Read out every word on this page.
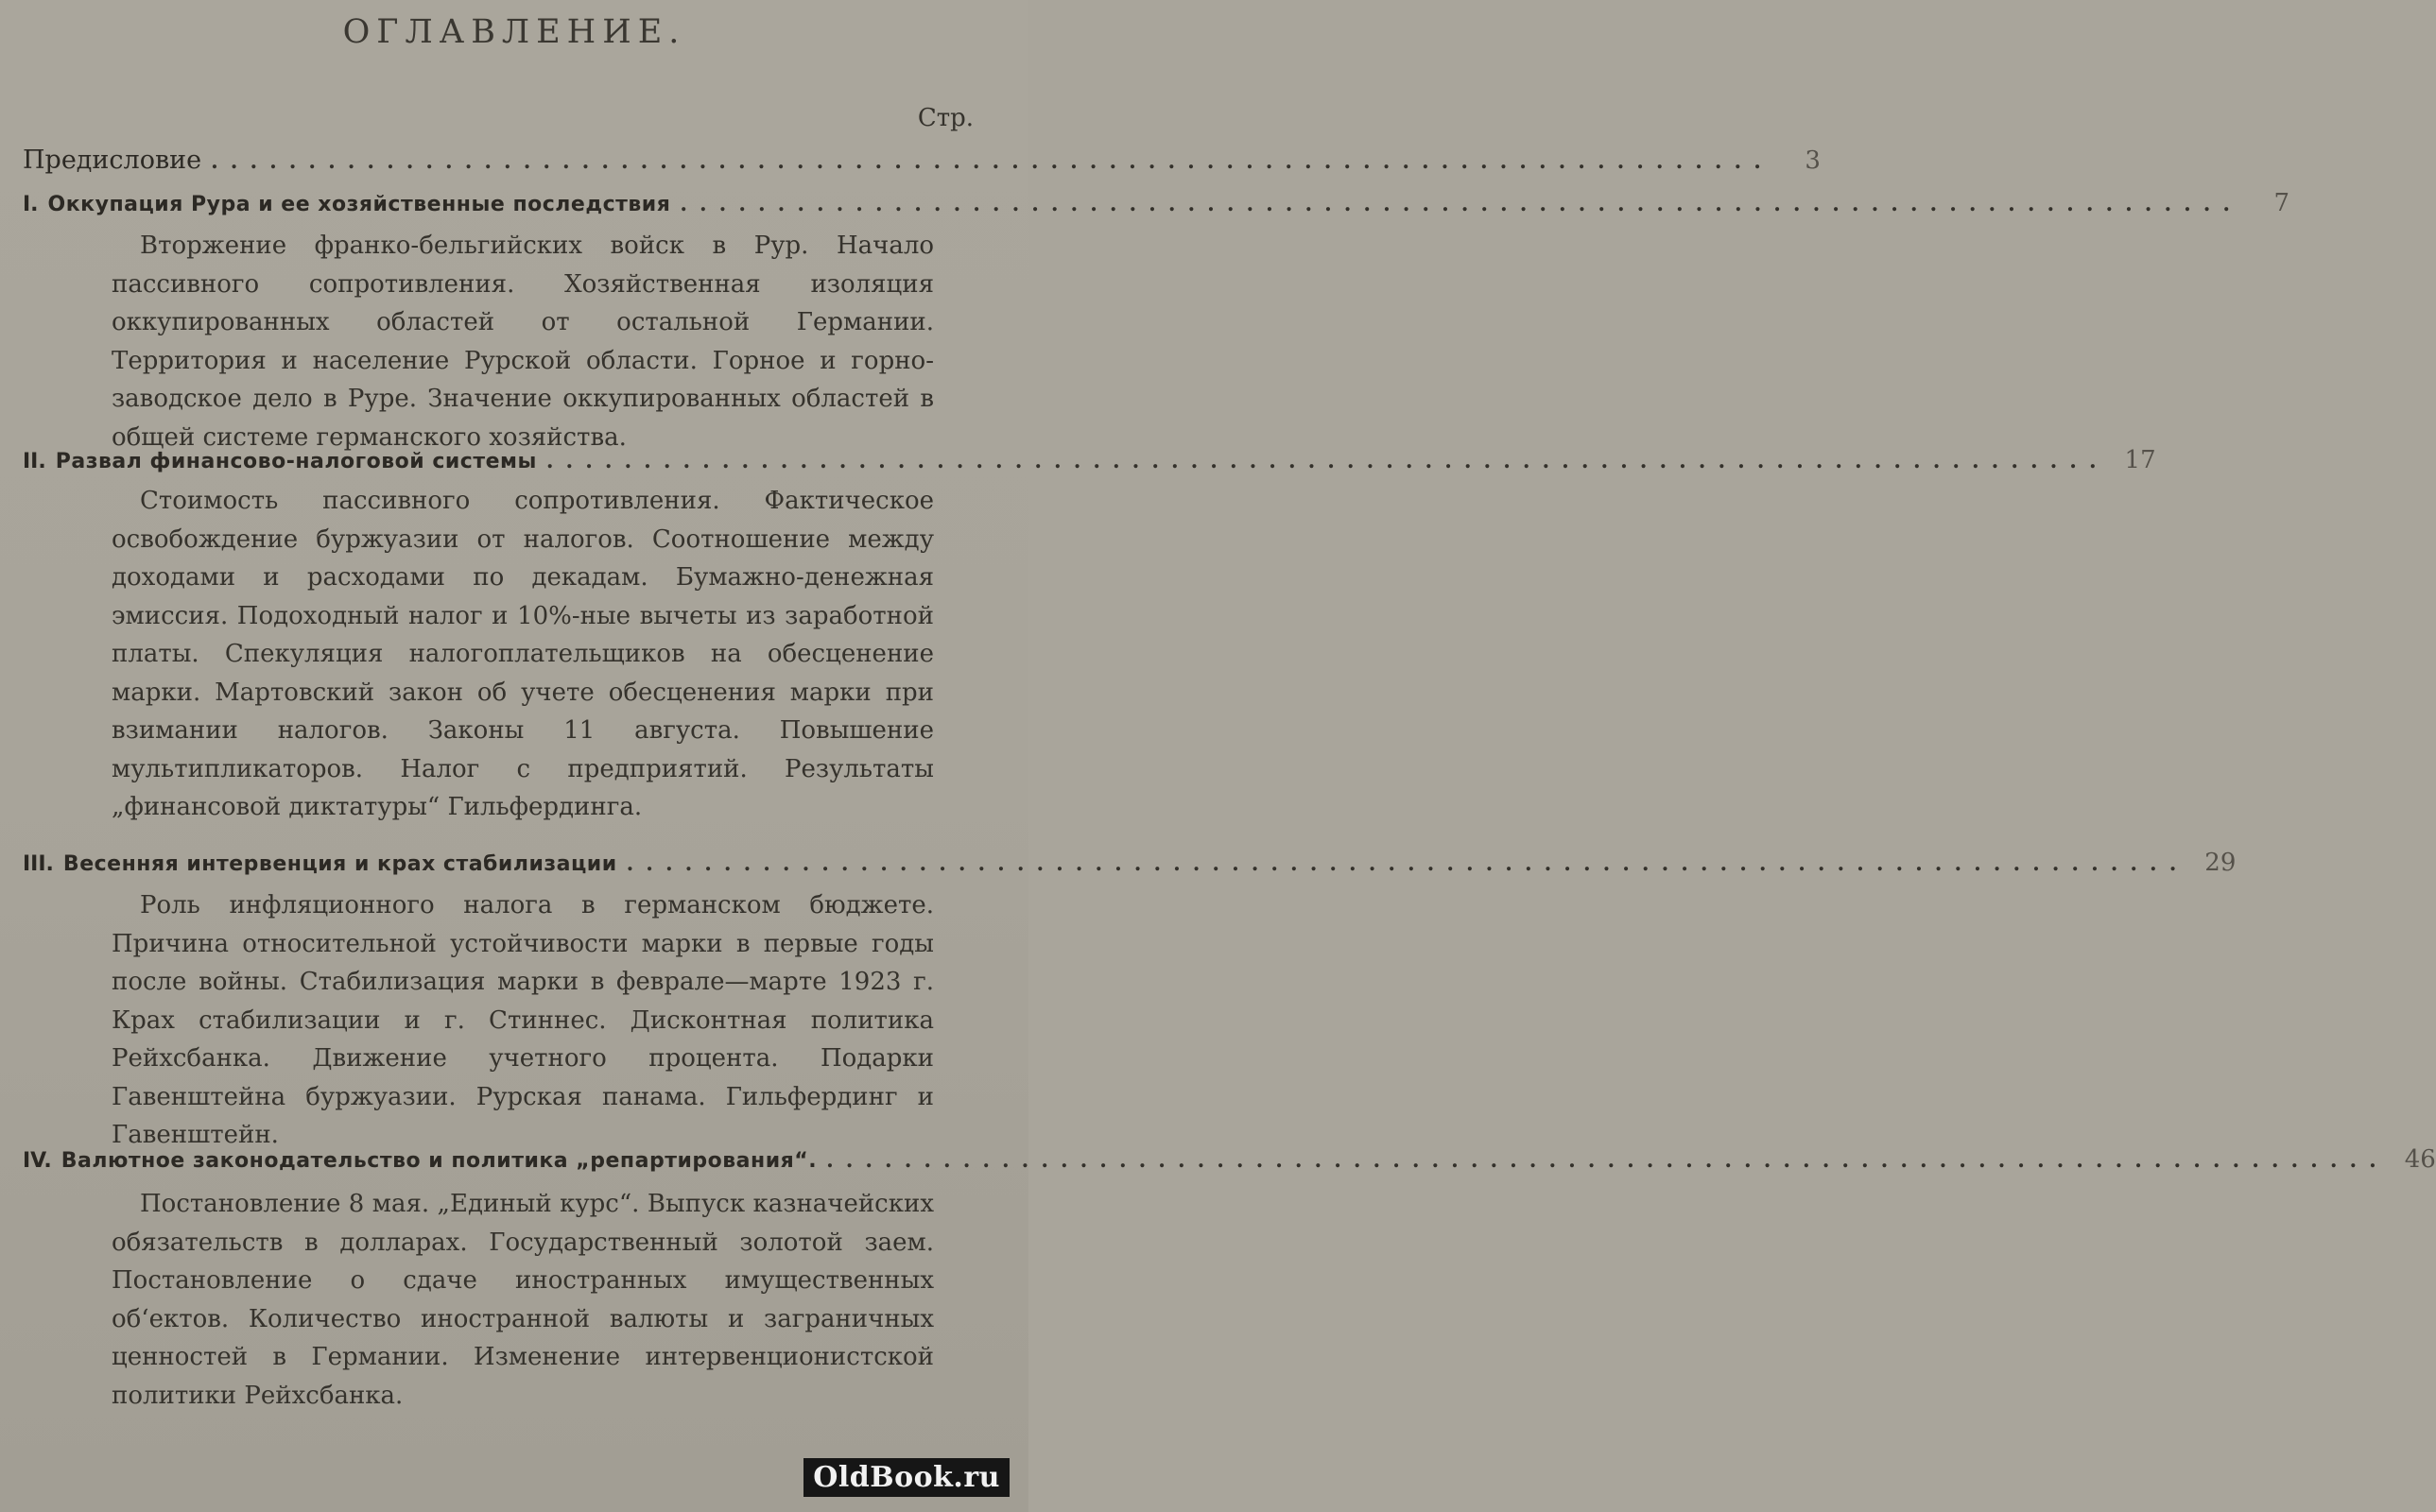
ОГЛАВЛЕНИЕ.
Стр.
Предисловие ................................................................................	3
I. Оккупация Рура и ее хозяйственные последствия ................................................................................	7
Вторжение франко-бельгийских войск в Рур. Начало пассивного сопротивления. Хозяйственная изоляция оккупированных областей от остальной Германии. Территория и население Рурской области. Горное и горно-заводское дело в Руре. Значение оккупированных областей в общей системе германского хозяйства.
II. Развал финансово-налоговой системы ................................................................................ 17
Стоимость пассивного сопротивления. Фактическое освобождение буржуазии от налогов. Соотношение между доходами и расходами по декадам. Бумажно-денежная эмиссия. Подоходный налог и 10%-ные вычеты из заработной платы. Спекуляция налогоплательщиков на обесценение марки. Мартовский закон об учете обесценения марки при взимании налогов. Законы 11 августа. Повышение мультипликаторов. Налог с предприятий. Результаты „финансовой диктатуры“ Гильфердинга.
III. Весенняя интервенция и крах стабилизации ................................................................................ 29
Роль инфляционного налога в германском бюджете. Причина относительной устойчивости марки в первые годы после войны. Стабилизация марки в феврале—марте 1923 г. Крах стабилизации и г. Стиннес. Дисконтная политика Рейхсбанка. Движение учетного процента. Подарки Гавенштейна буржуазии. Рурская панама. Гильфердинг и Гавенштейн.
IV. Валютное законодательство и политика „репартирования“. ................................................................................ 46
Постановление 8 мая. „Единый курс“. Выпуск казначейских обязательств в долларах. Государственный золотой заем. Постановление о сдаче иностранных имущественных об‘ектов. Количество иностранной валюты и заграничных ценностей в Германии. Изменение интервенционистской политики Рейхсбанка.
OldBook.ru
